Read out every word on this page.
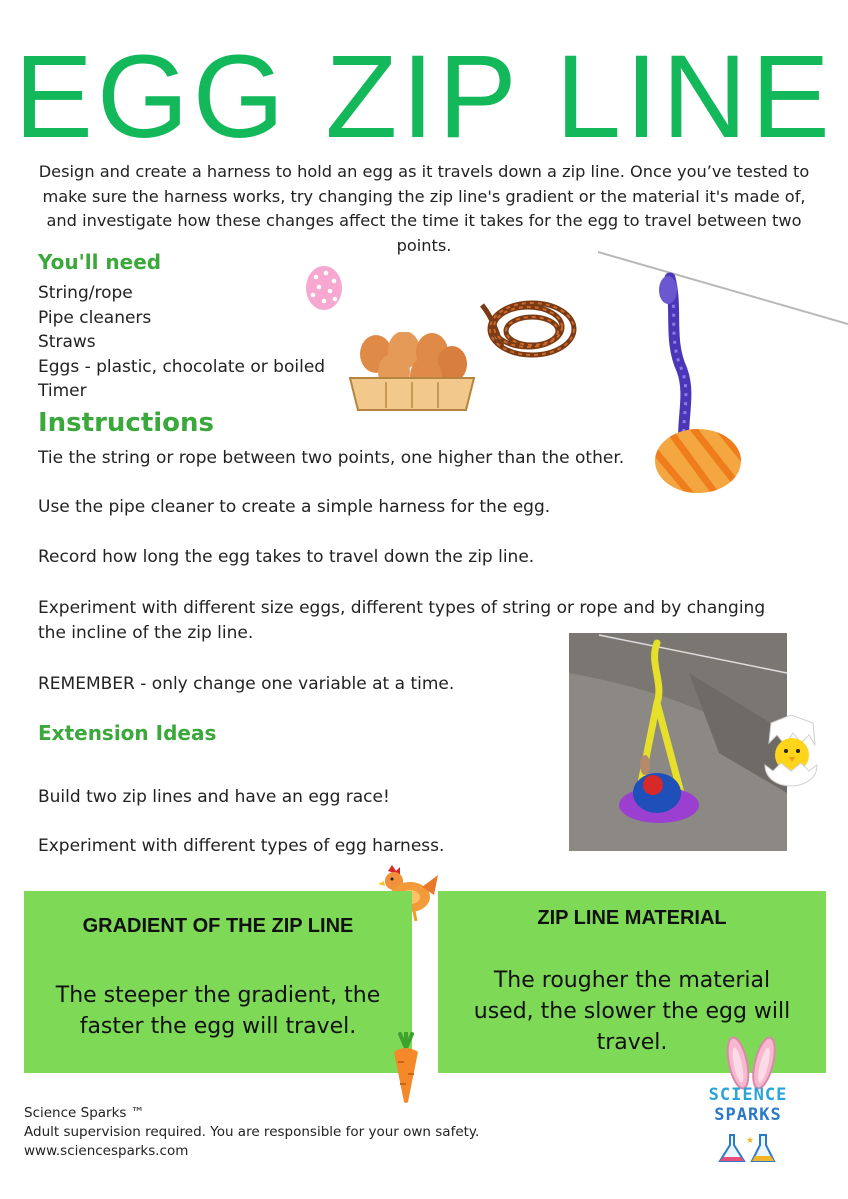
EGG ZIP LINE
Design and create a harness to hold an egg as it travels down a zip line. Once you’ve tested to make sure the harness works, try changing the zip line's gradient or the material it's made of, and investigate how these changes affect the time it takes for the egg to travel between two points.
You'll need
String/rope
Pipe cleaners
Straws
Eggs - plastic, chocolate or boiled
Timer
Instructions
Tie the string or rope between two points, one higher than the other.
Use the pipe cleaner to create a simple harness for the egg.
Record how long the egg takes to travel down the zip line.
Experiment with different size eggs, different types of string or rope and by changing
the incline of the zip line.
REMEMBER - only change one variable at a time.
Extension Ideas
Build two zip lines and have an egg race!
Experiment with different types of egg harness.
GRADIENT OF THE ZIP LINE
The steeper the gradient, the
faster the egg will travel.
ZIP LINE MATERIAL
The rougher the material
used, the slower the egg will
travel.
Science Sparks ™
Adult supervision required. You are responsible for your own safety.
www.sciencesparks.com
SCIENCE
SPARKS
★
